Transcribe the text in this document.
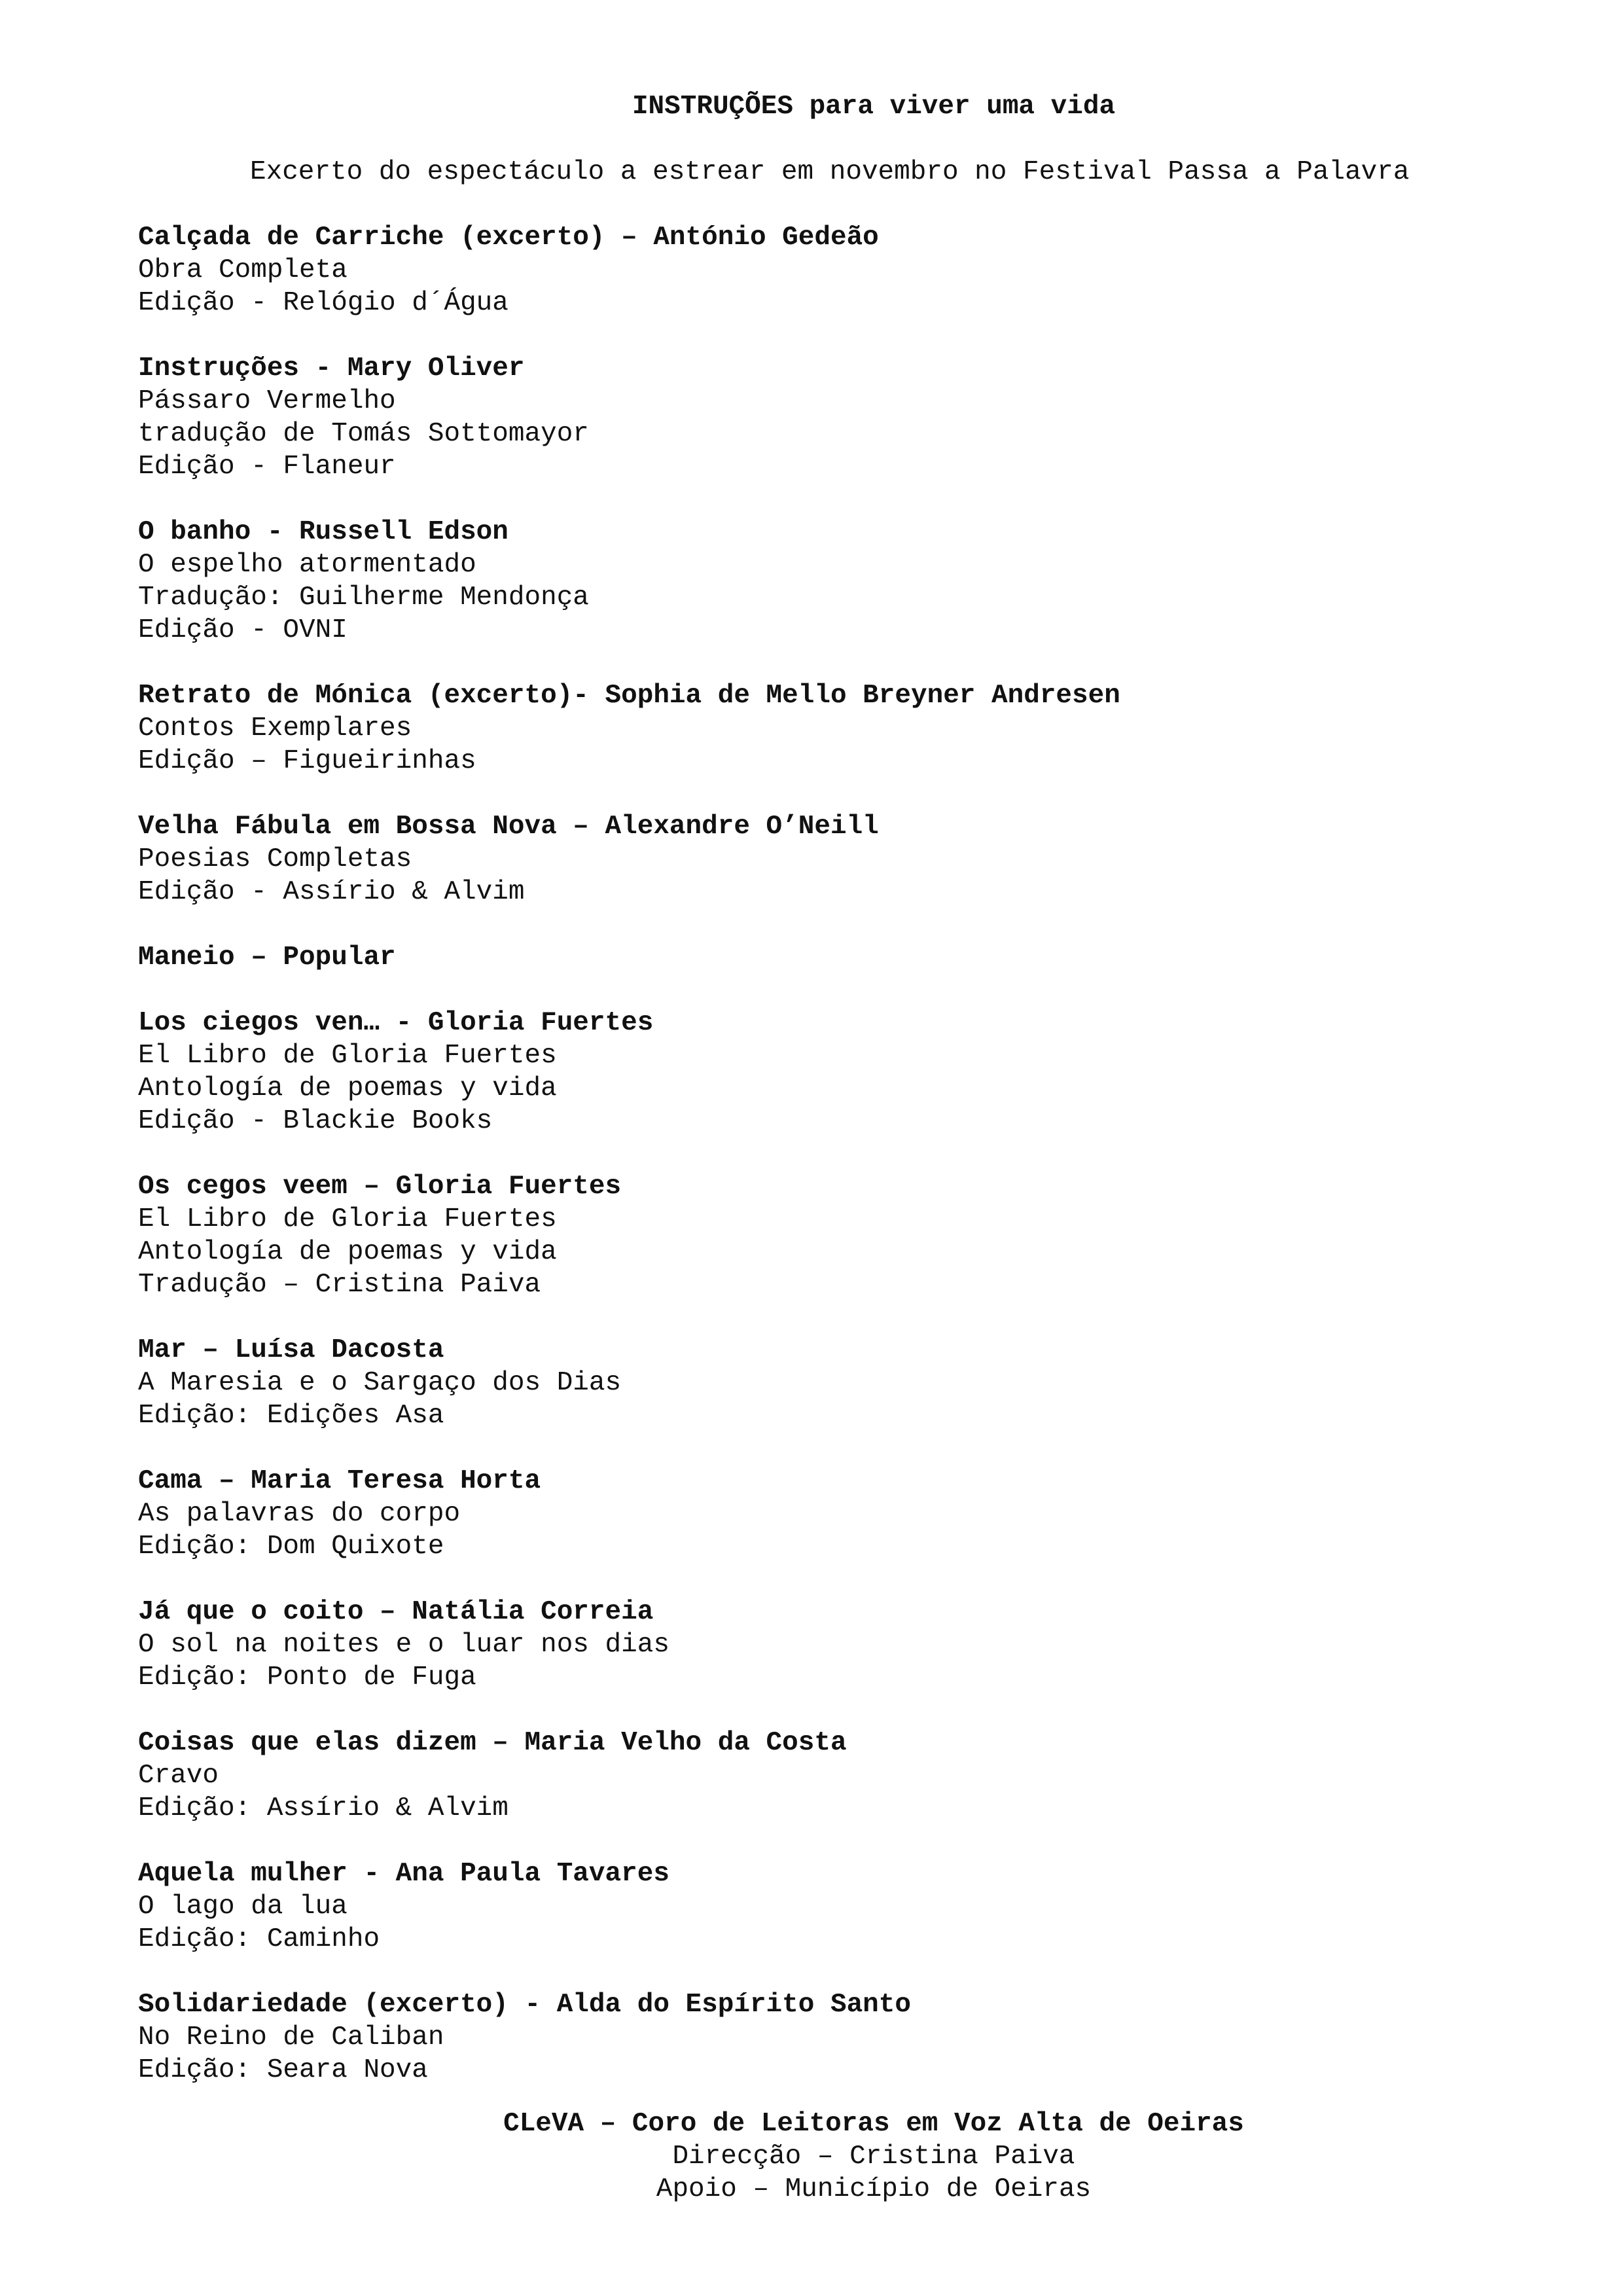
INSTRUÇÕES para viver uma vida
Excerto do espectáculo a estrear em novembro no Festival Passa a Palavra
Calçada de Carriche (excerto) – António Gedeão
Obra Completa
Edição - Relógio d´Água
Instruções - Mary Oliver
Pássaro Vermelho
tradução de Tomás Sottomayor
Edição - Flaneur
O banho - Russell Edson
O espelho atormentado
Tradução: Guilherme Mendonça
Edição - OVNI
Retrato de Mónica (excerto)- Sophia de Mello Breyner Andresen
Contos Exemplares
Edição – Figueirinhas
Velha Fábula em Bossa Nova – Alexandre O’Neill
Poesias Completas
Edição - Assírio & Alvim
Maneio – Popular
Los ciegos ven… - Gloria Fuertes
El Libro de Gloria Fuertes
Antología de poemas y vida
Edição - Blackie Books
Os cegos veem – Gloria Fuertes
El Libro de Gloria Fuertes
Antología de poemas y vida
Tradução – Cristina Paiva
Mar – Luísa Dacosta
A Maresia e o Sargaço dos Dias
Edição: Edições Asa
Cama – Maria Teresa Horta
As palavras do corpo
Edição: Dom Quixote
Já que o coito – Natália Correia
O sol na noites e o luar nos dias
Edição: Ponto de Fuga
Coisas que elas dizem – Maria Velho da Costa
Cravo
Edição: Assírio & Alvim
Aquela mulher - Ana Paula Tavares
O lago da lua
Edição: Caminho
Solidariedade (excerto) - Alda do Espírito Santo
No Reino de Caliban
Edição: Seara Nova
CLeVA – Coro de Leitoras em Voz Alta de Oeiras
Direcção – Cristina Paiva
Apoio – Município de Oeiras
